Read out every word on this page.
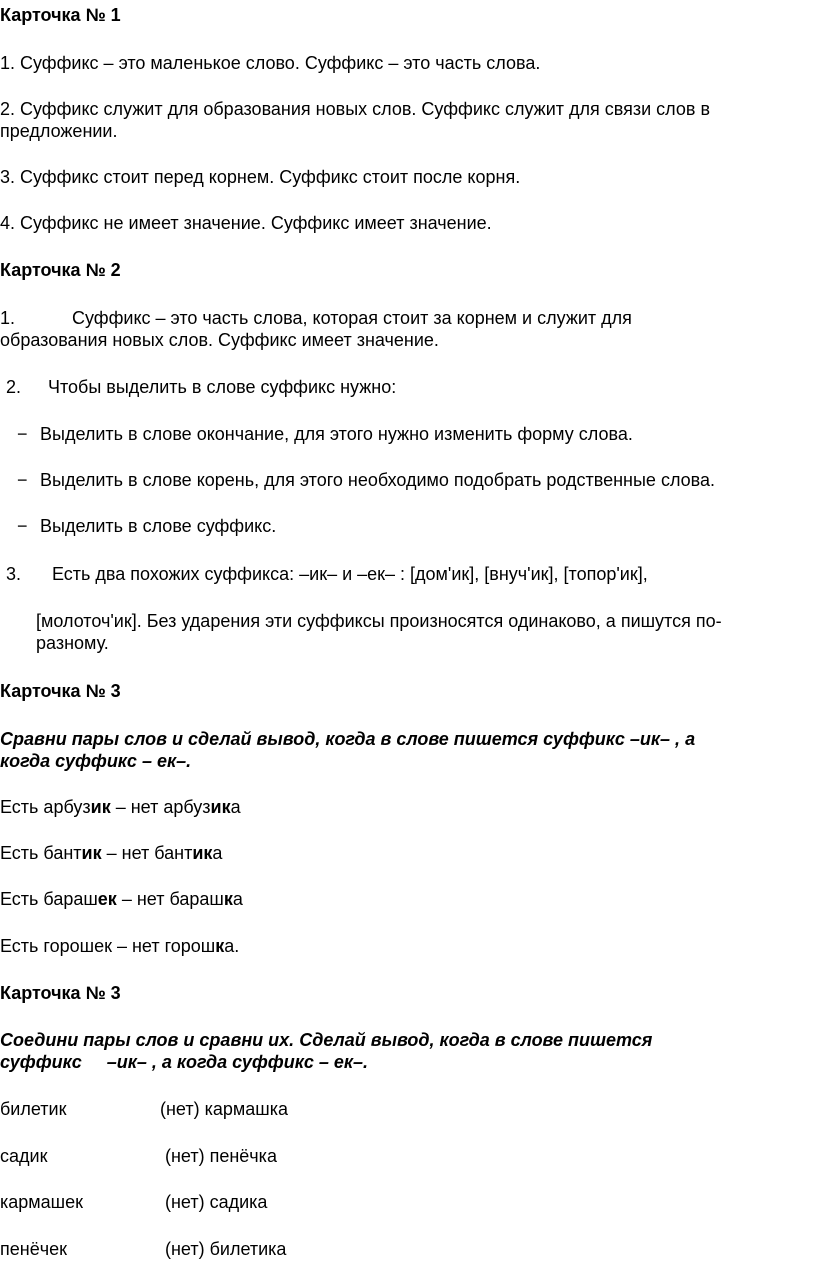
Карточка № 1
1. Суффикс – это маленькое слово. Суффикс – это часть слова.
2. Суффикс служит для образования новых слов. Суффикс служит для связи слов в
предложении.
3. Суффикс стоит перед корнем. Суффикс стоит после корня.
4. Суффикс не имеет значение. Суффикс имеет значение.
Карточка № 2
1.	Суффикс – это часть слова, которая стоит за корнем и служит для
образования новых слов. Суффикс имеет значение.
2. Чтобы выделить в слове суффикс нужно:
− Выделить в слове окончание, для этого нужно изменить форму слова.
− Выделить в слове корень, для этого необходимо подобрать родственные слова.
− Выделить в слове суффикс.
3. Есть два похожих суффикса: –ик– и –ек– : [дом'ик], [внуч'ик], [топор'ик],
[молоточ'ик]. Без ударения эти суффиксы произносятся одинаково, а пишутся по-
разному.
Карточка № 3
Сравни пары слов и сделай вывод, когда в слове пишется суффикс –ик– , а
когда суффикс – ек–.
Есть арбузик – нет арбузика
Есть бантик – нет бантика
Есть барашек – нет барашка
Есть горошек – нет горошка.
Карточка № 3
Соедини пары слов и сравни их. Сделай вывод, когда в слове пишется
суффикс     –ик– , а когда суффикс – ек–.
билетик	(нет) кармашка
садик	(нет) пенёчка
кармашек	(нет) садика
пенёчек	(нет) билетика
